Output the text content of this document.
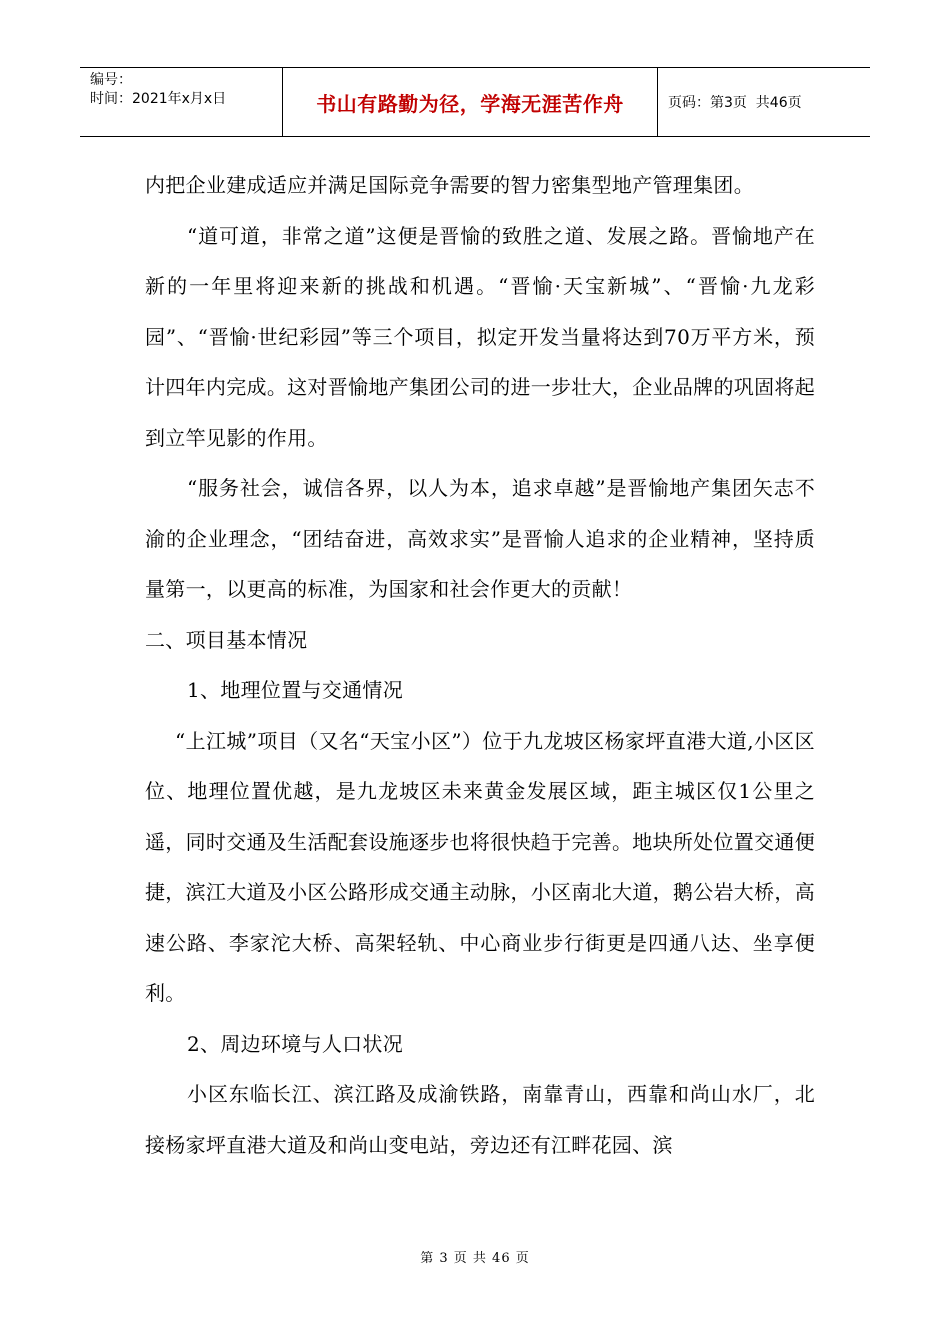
编号：
时间：2021年x月x日	书山有路勤为径，学海无涯苦作舟	页码：第3页  共46页

内把企业建成适应并满足国际竞争需要的智力密集型地产管理集团。

“道可道，非常之道”这便是晋愉的致胜之道、发展之路。晋愉地产在新的一年里将迎来新的挑战和机遇。“晋愉·天宝新城”、“晋愉·九龙彩园”、“晋愉·世纪彩园”等三个项目，拟定开发当量将达到70万平方米，预计四年内完成。这对晋愉地产集团公司的进一步壮大，企业品牌的巩固将起到立竿见影的作用。

“服务社会，诚信各界，以人为本，追求卓越”是晋愉地产集团矢志不渝的企业理念，“团结奋进，高效求实”是晋愉人追求的企业精神，坚持质量第一，以更高的标准，为国家和社会作更大的贡献！

二、项目基本情况

1、地理位置与交通情况

“上江城”项目（又名“天宝小区”）位于九龙坡区杨家坪直港大道,小区区位、地理位置优越，是九龙坡区未来黄金发展区域，距主城区仅1公里之遥，同时交通及生活配套设施逐步也将很快趋于完善。地块所处位置交通便捷，滨江大道及小区公路形成交通主动脉，小区南北大道，鹅公岩大桥，高速公路、李家沱大桥、高架轻轨、中心商业步行街更是四通八达、坐享便利。

2、周边环境与人口状况

小区东临长江、滨江路及成渝铁路，南靠青山，西靠和尚山水厂，北接杨家坪直港大道及和尚山变电站，旁边还有江畔花园、滨

第 3 页 共 46 页
